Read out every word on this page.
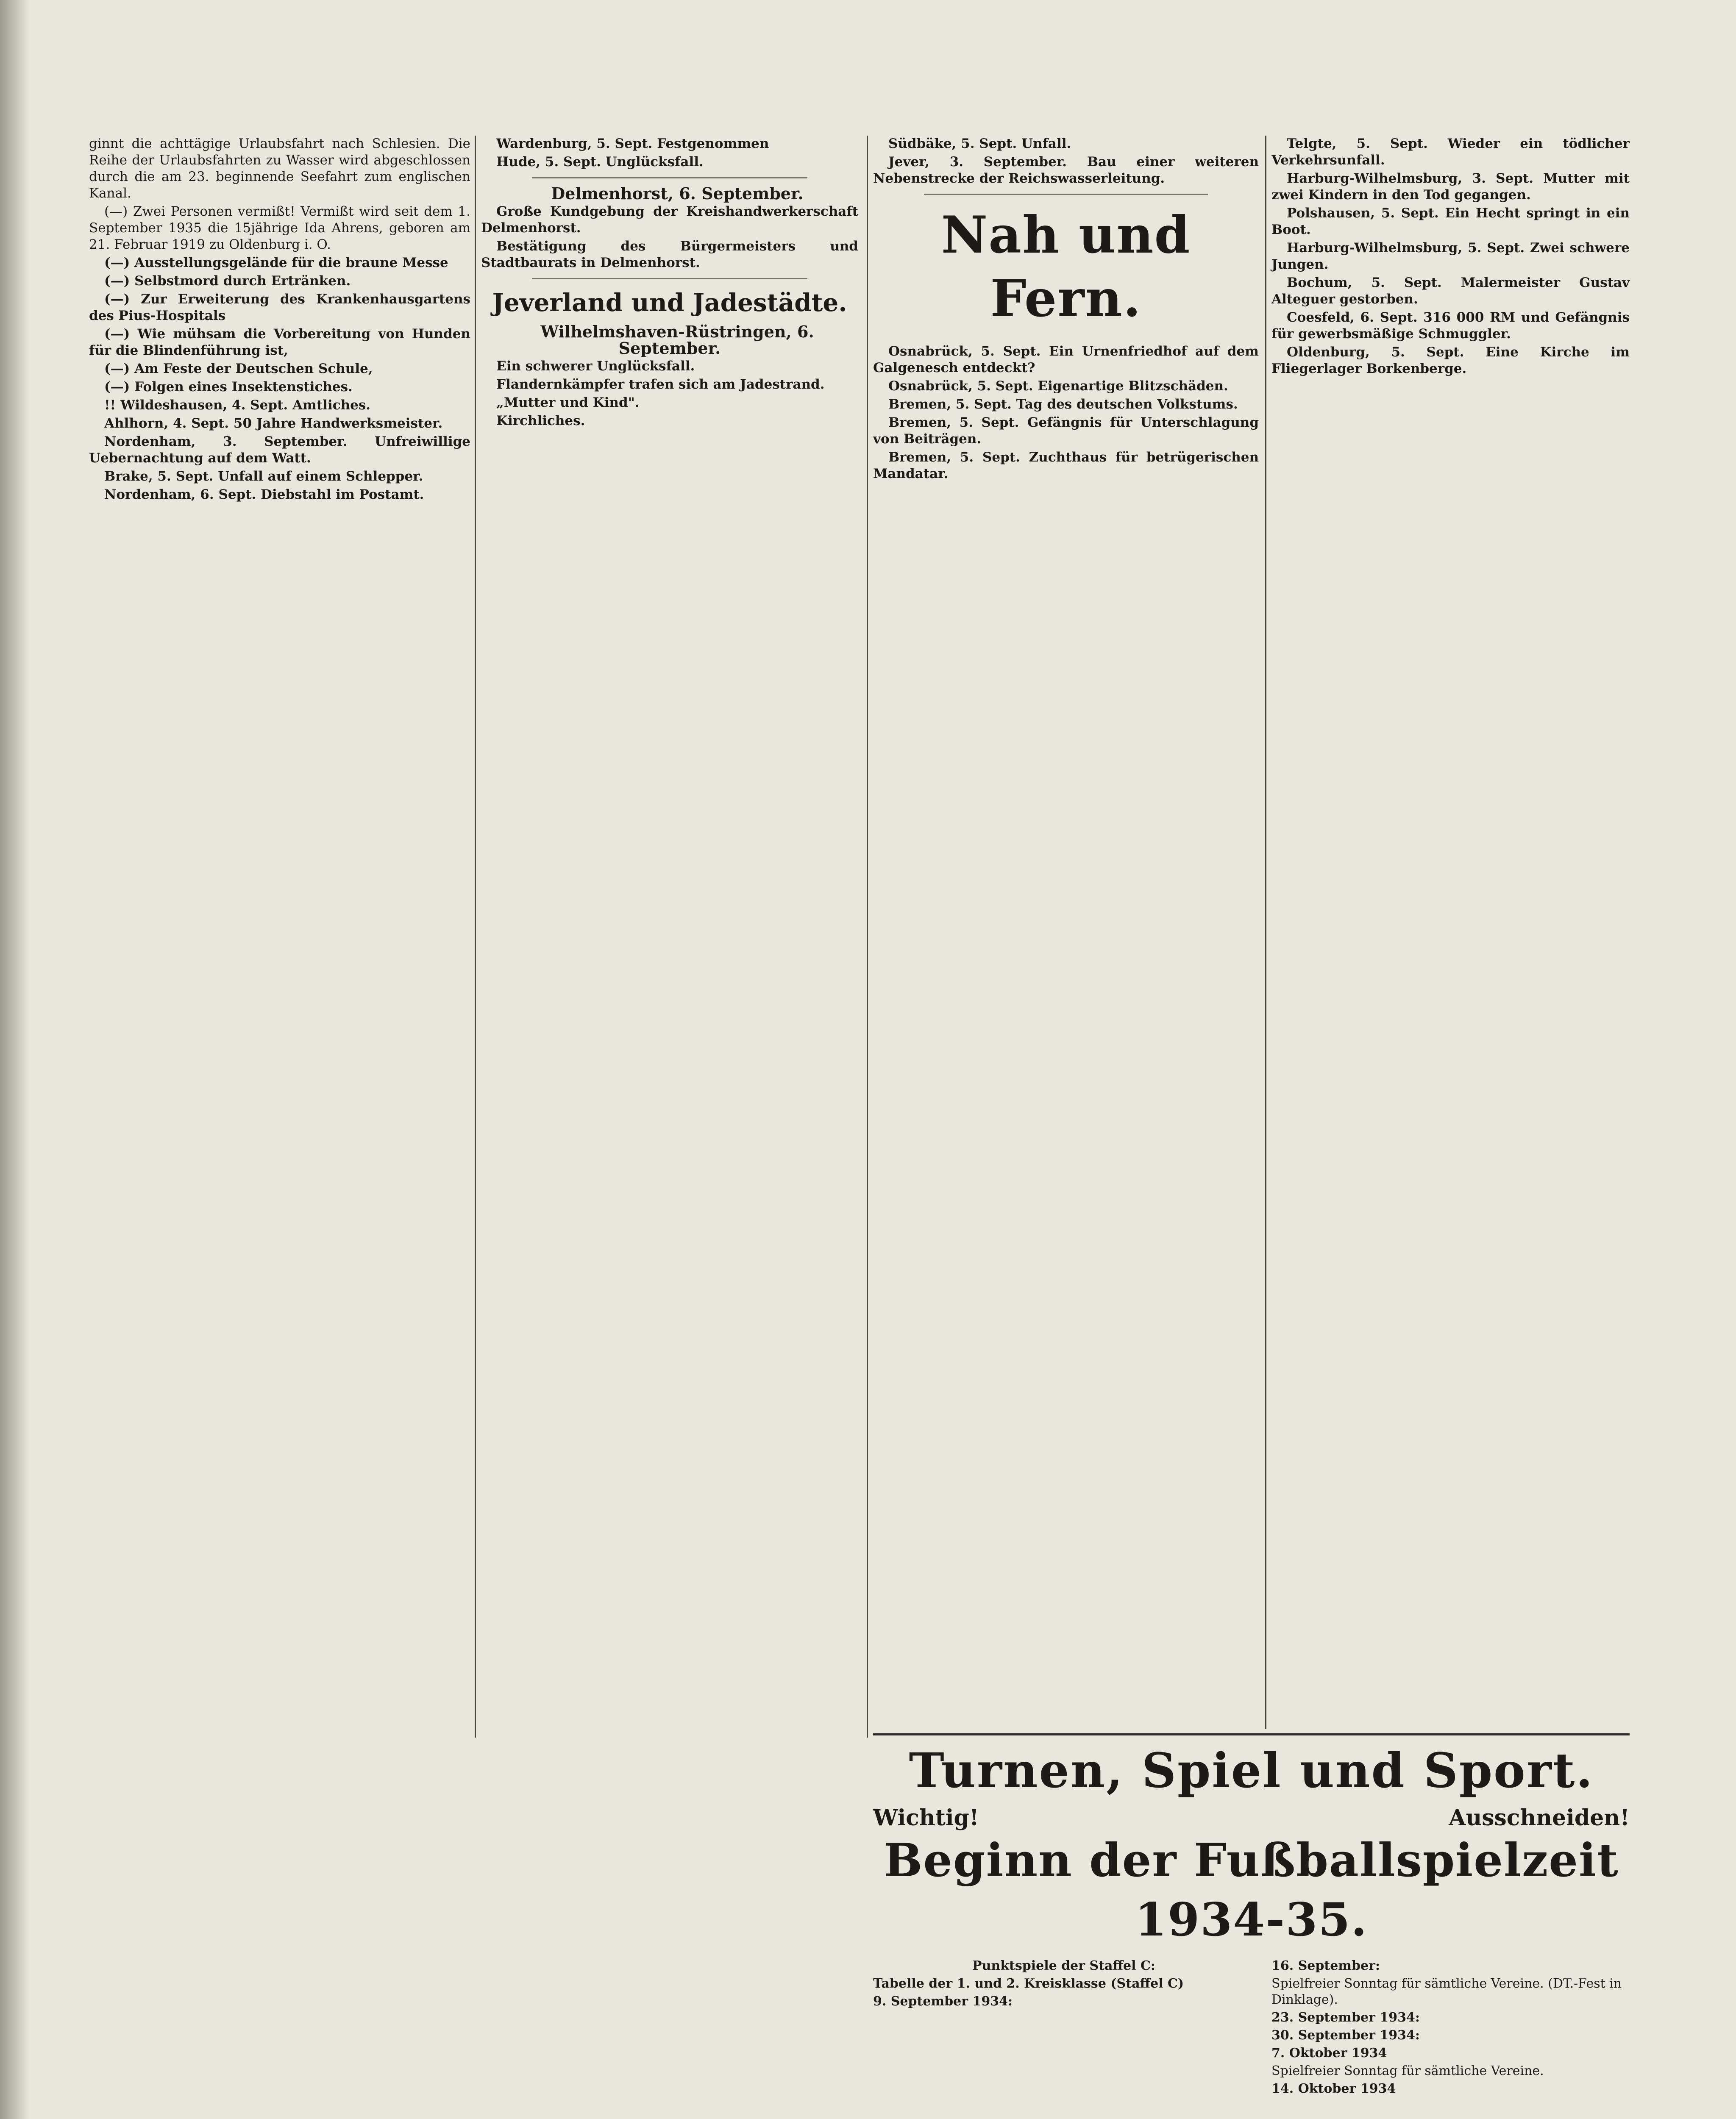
ginnt die achttägige Urlaubsfahrt nach Schlesien. Die Reihe der Urlaubsfahrten zu Wasser wird abgeschlossen durch die am 23. beginnende Seefahrt zum englischen Kanal.

(—) Zwei Personen vermißt! Vermißt wird seit dem 1. September 1935 die 15jährige Ida Ahrens, geboren am 21. Februar 1919 zu Oldenburg i. O.

(—) Ausstellungsgelände für die braune Messe

(—) Selbstmord durch Ertränken.

(—) Zur Erweiterung des Krankenhausgartens des Pius-Hospitals

(—) Wie mühsam die Vorbereitung von Hunden für die Blindenführung ist,

(—) Am Feste der Deutschen Schule,

(—) Folgen eines Insektenstiches.

!! Wildeshausen, 4. Sept. Amtliches.

Ahlhorn, 4. Sept. 50 Jahre Handwerksmeister.

Nordenham, 3. September. Unfreiwillige Uebernachtung auf dem Watt.

Brake, 5. Sept. Unfall auf einem Schlepper.

Nordenham, 6. Sept. Diebstahl im Postamt.

Wardenburg, 5. Sept. Festgenommen

Hude, 5. Sept. Unglücksfall.

Delmenhorst, 6. September.

Große Kundgebung der Kreishandwerkerschaft Delmenhorst.

Bestätigung des Bürgermeisters und Stadtbaurats in Delmenhorst.

Jeverland und Jadestädte.

Wilhelmshaven-Rüstringen, 6. September.

Ein schwerer Unglücksfall.

Flandernkämpfer trafen sich am Jadestrand.

„Mutter und Kind".

Kirchliches.

Südbäke, 5. Sept. Unfall.

Jever, 3. September. Bau einer weiteren Nebenstrecke der Reichswasserleitung.

Nah und Fern.

Osnabrück, 5. Sept. Ein Urnenfriedhof auf dem Galgenesch entdeckt?

Osnabrück, 5. Sept. Eigenartige Blitzschäden.

Bremen, 5. Sept. Tag des deutschen Volkstums.

Bremen, 5. Sept. Gefängnis für Unterschlagung von Beiträgen.

Bremen, 5. Sept. Zuchthaus für betrügerischen Mandatar.

Telgte, 5. Sept. Wieder ein tödlicher Verkehrsunfall.

Harburg-Wilhelmsburg, 3. Sept. Mutter mit zwei Kindern in den Tod gegangen.

Polshausen, 5. Sept. Ein Hecht springt in ein Boot.

Harburg-Wilhelmsburg, 5. Sept. Zwei schwere Jungen.

Bochum, 5. Sept. Malermeister Gustav Alteguer gestorben.

Coesfeld, 6. Sept. 316 000 RM und Gefängnis für gewerbsmäßige Schmuggler.

Oldenburg, 5. Sept. Eine Kirche im Fliegerlager Borkenberge.

Turnen, Spiel und Sport.
Wichtig!	Ausschneiden!
Beginn der Fußballspielzeit 1934-35.

Punktspiele der Staffel C:

Tabelle der 1. und 2. Kreisklasse (Staffel C)

9. September 1934:

16. September:

Spielfreier Sonntag für sämtliche Vereine. (DT.-Fest in Dinklage).

23. September 1934:

30. September 1934:

7. Oktober 1934

Spielfreier Sonntag für sämtliche Vereine.

14. Oktober 1934
